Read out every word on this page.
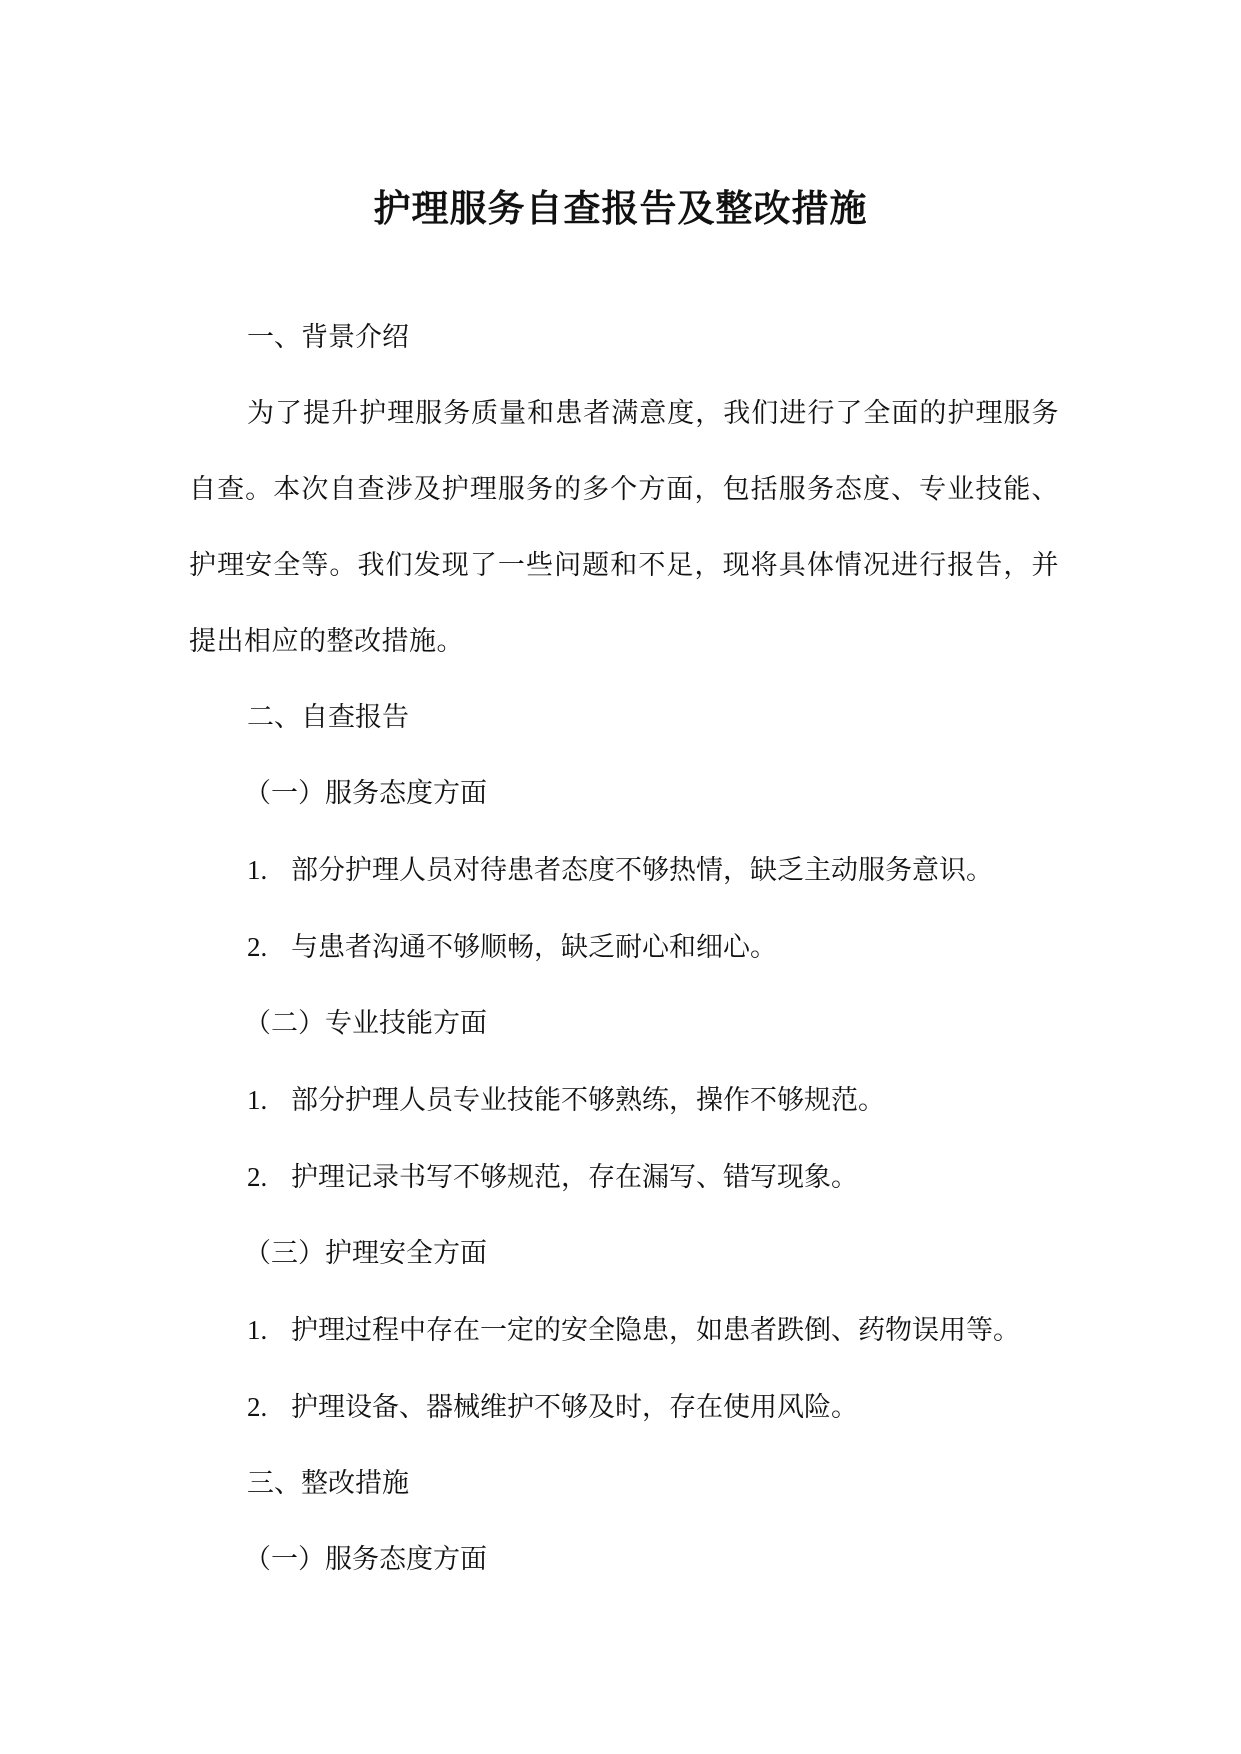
护理服务自查报告及整改措施

一、背景介绍

为了提升护理服务质量和患者满意度，我们进行了全面的护理服务自查。本次自查涉及护理服务的多个方面，包括服务态度、专业技能、护理安全等。我们发现了一些问题和不足，现将具体情况进行报告，并提出相应的整改措施。

二、自查报告

（一）服务态度方面

1. 部分护理人员对待患者态度不够热情，缺乏主动服务意识。

2. 与患者沟通不够顺畅，缺乏耐心和细心。

（二）专业技能方面

1. 部分护理人员专业技能不够熟练，操作不够规范。

2. 护理记录书写不够规范，存在漏写、错写现象。

（三）护理安全方面

1. 护理过程中存在一定的安全隐患，如患者跌倒、药物误用等。

2. 护理设备、器械维护不够及时，存在使用风险。

三、整改措施

（一）服务态度方面
